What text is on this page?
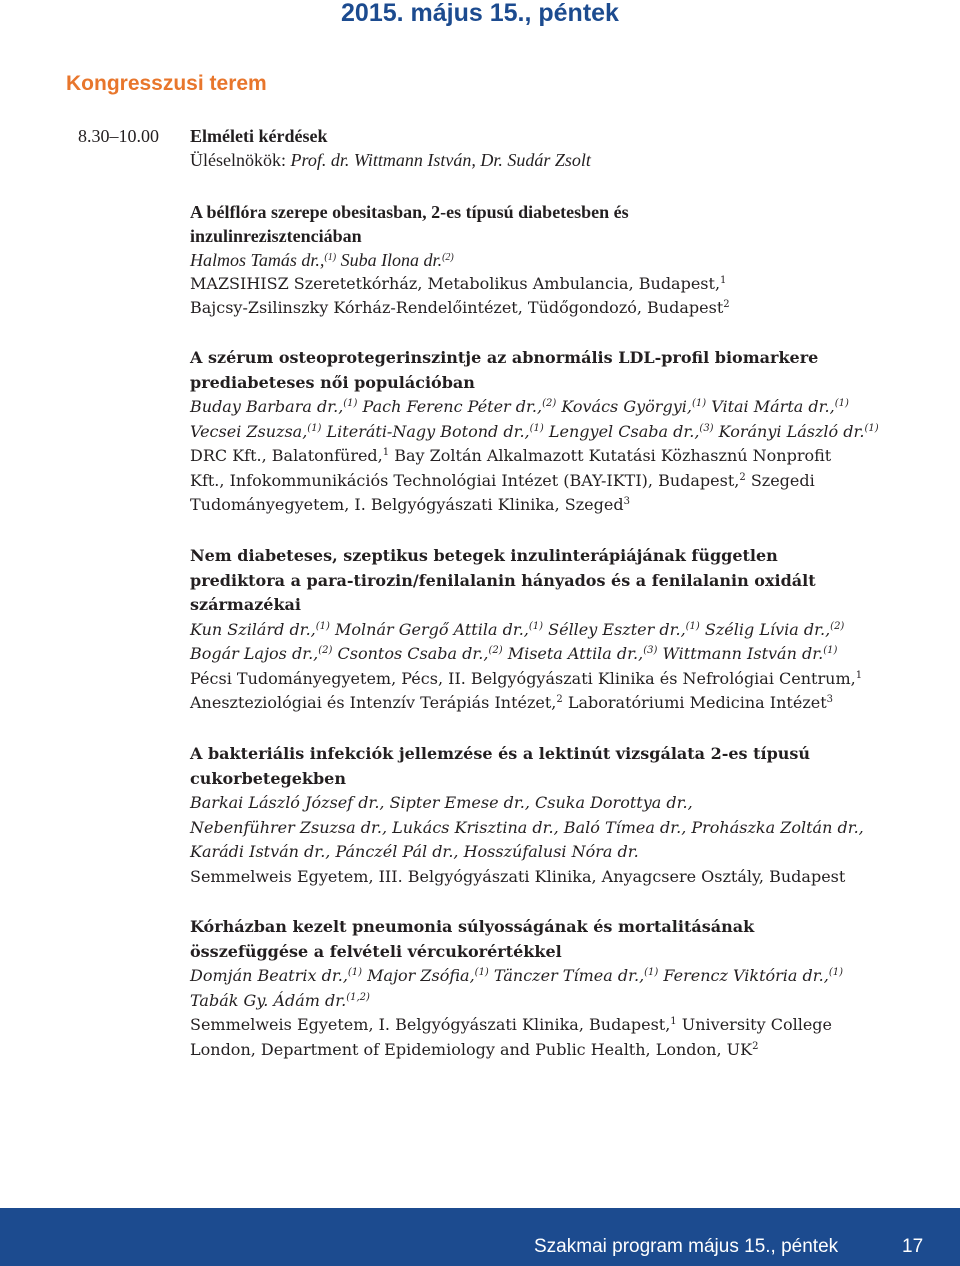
2015. május 15., péntek
Kongresszusi terem
8.30–10.00 Elméleti kérdések
Üléselnökök: Prof. dr. Wittmann István, Dr. Sudár Zsolt
A bélflóra szerepe obesitasban, 2-es típusú diabetesben és
inzulinrezisztenciában
Halmos Tamás dr.,$^{(1)}$ Suba Ilona dr.$^{(2)}$
MAZSIHISZ Szeretetkórház, Metabolikus Ambulancia, Budapest,$^1$
Bajcsy-Zsilinszky Kórház-Rendelőintézet, Tüdőgondozó, Budapest$^2$
A szérum osteoprotegerinszintje az abnormális LDL-profil biomarkere
prediabeteses női populációban
Buday Barbara dr.,$^{(1)}$ Pach Ferenc Péter dr.,$^{(2)}$ Kovács Györgyi,$^{(1)}$ Vitai Márta dr.,$^{(1)}$
Vecsei Zsuzsa,$^{(1)}$ Literáti-Nagy Botond dr.,$^{(1)}$ Lengyel Csaba dr.,$^{(3)}$ Korányi László dr.$^{(1)}$
DRC Kft., Balatonfüred,$^1$ Bay Zoltán Alkalmazott Kutatási Közhasznú Nonprofit
Kft., Infokommunikációs Technológiai Intézet (BAY-IKTI), Budapest,$^2$ Szegedi
Tudományegyetem, I. Belgyógyászati Klinika, Szeged$^3$
Nem diabeteses, szeptikus betegek inzulinterápiájának független
prediktora a para-tirozin/fenilalanin hányados és a fenilalanin oxidált
származékai
Kun Szilárd dr.,$^{(1)}$ Molnár Gergő Attila dr.,$^{(1)}$ Sélley Eszter dr.,$^{(1)}$ Szélig Lívia dr.,$^{(2)}$
Bogár Lajos dr.,$^{(2)}$ Csontos Csaba dr.,$^{(2)}$ Miseta Attila dr.,$^{(3)}$ Wittmann István dr.$^{(1)}$
Pécsi Tudományegyetem, Pécs, II. Belgyógyászati Klinika és Nefrológiai Centrum,$^1$
Aneszteziológiai és Intenzív Terápiás Intézet,$^2$ Laboratóriumi Medicina Intézet$^3$
A bakteriális infekciók jellemzése és a lektinút vizsgálata 2-es típusú
cukorbetegekben
Barkai László József dr., Sipter Emese dr., Csuka Dorottya dr.,
Nebenführer Zsuzsa dr., Lukács Krisztina dr., Baló Tímea dr., Prohászka Zoltán dr.,
Karádi István dr., Pánczél Pál dr., Hosszúfalusi Nóra dr.
Semmelweis Egyetem, III. Belgyógyászati Klinika, Anyagcsere Osztály, Budapest
Kórházban kezelt pneumonia súlyosságának és mortalitásának
összefüggése a felvételi vércukorértékkel
Domján Beatrix dr.,$^{(1)}$ Major Zsófia,$^{(1)}$ Tänczer Tímea dr.,$^{(1)}$ Ferencz Viktória dr.,$^{(1)}$
Tabák Gy. Ádám dr.$^{(1,2)}$
Semmelweis Egyetem, I. Belgyógyászati Klinika, Budapest,$^1$ University College
London, Department of Epidemiology and Public Health, London, $UK^2$
Szakmai program május 15., péntek	17
